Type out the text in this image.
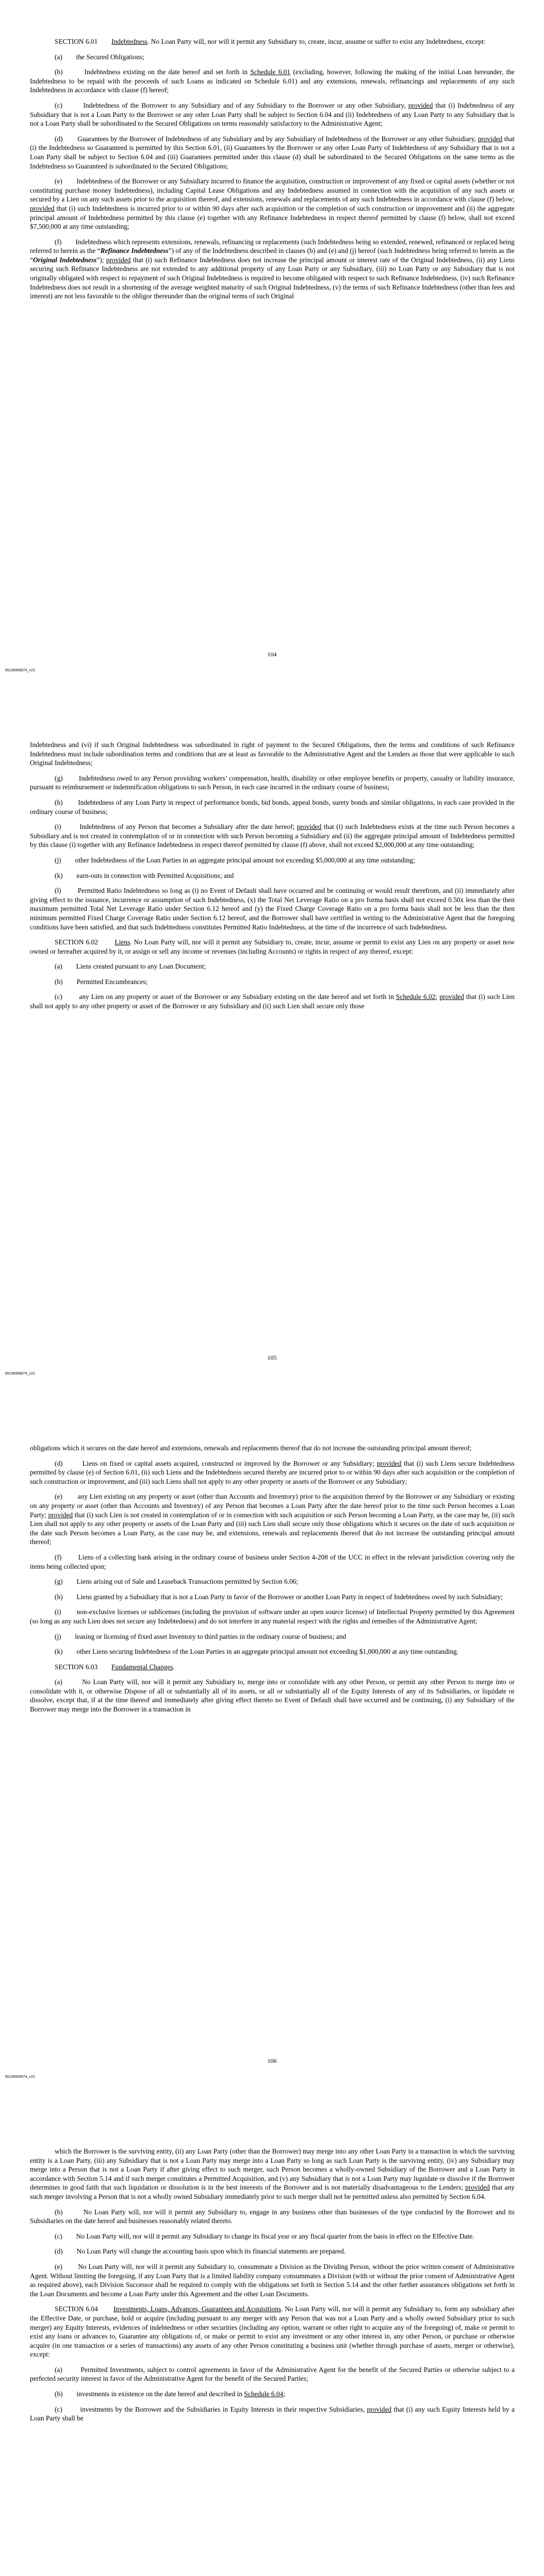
SECTION 6.01        Indebtedness. No Loan Party will, nor will it permit any Subsidiary to, create, incur, assume or suffer to exist any Indebtedness, except:

(a)        the Secured Obligations;

(b)        Indebtedness existing on the date hereof and set forth in Schedule 6.01 (excluding, however, following the making of the initial Loan hereunder, the Indebtedness to be repaid with the proceeds of such Loans as indicated on Schedule 6.01) and any extensions, renewals, refinancings and replacements of any such Indebtedness in accordance with clause (f) hereof;

(c)        Indebtedness of the Borrower to any Subsidiary and of any Subsidiary to the Borrower or any other Subsidiary, provided that (i) Indebtedness of any Subsidiary that is not a Loan Party to the Borrower or any other Loan Party shall be subject to Section 6.04 and (ii) Indebtedness of any Loan Party to any Subsidiary that is not a Loan Party shall be subordinated to the Secured Obligations on terms reasonably satisfactory to the Administrative Agent;

(d)        Guarantees by the Borrower of Indebtedness of any Subsidiary and by any Subsidiary of Indebtedness of the Borrower or any other Subsidiary, provided that (i) the Indebtedness so Guaranteed is permitted by this Section 6.01, (ii) Guarantees by the Borrower or any other Loan Party of Indebtedness of any Subsidiary that is not a Loan Party shall be subject to Section 6.04 and (iii) Guarantees permitted under this clause (d) shall be subordinated to the Secured Obligations on the same terms as the Indebtedness so Guaranteed is subordinated to the Secured Obligations;

(e)        Indebtedness of the Borrower or any Subsidiary incurred to finance the acquisition, construction or improvement of any fixed or capital assets (whether or not constituting purchase money Indebtedness), including Capital Lease Obligations and any Indebtedness assumed in connection with the acquisition of any such assets or secured by a Lien on any such assets prior to the acquisition thereof, and extensions, renewals and replacements of any such Indebtedness in accordance with clause (f) below; provided that (i) such Indebtedness is incurred prior to or within 90 days after such acquisition or the completion of such construction or improvement and (ii) the aggregate principal amount of Indebtedness permitted by this clause (e) together with any Refinance Indebtedness in respect thereof permitted by clause (f) below, shall not exceed $7,500,000 at any time outstanding;

(f)        Indebtedness which represents extensions, renewals, refinancing or replacements (such Indebtedness being so extended, renewed, refinanced or replaced being referred to herein as the “Refinance Indebtedness”) of any of the Indebtedness described in clauses (b) and (e) and (j) hereof (such Indebtedness being referred to herein as the “Original Indebtedness”); provided that (i) such Refinance Indebtedness does not increase the principal amount or interest rate of the Original Indebtedness, (ii) any Liens securing such Refinance Indebtedness are not extended to any additional property of any Loan Party or any Subsidiary, (iii) no Loan Party or any Subsidiary that is not originally obligated with respect to repayment of such Original Indebtedness is required to become obligated with respect to such Refinance Indebtedness, (iv) such Refinance Indebtedness does not result in a shortening of the average weighted maturity of such Original Indebtedness, (v) the terms of such Refinance Indebtedness (other than fees and interest) are not less favorable to the obligor thereunder than the original terms of such Original

104
65136569074_v21

Indebtedness and (vi) if such Original Indebtedness was subordinated in right of payment to the Secured Obligations, then the terms and conditions of such Refinance Indebtedness must include subordination terms and conditions that are at least as favorable to the Administrative Agent and the Lenders as those that were applicable to such Original Indebtedness;

(g)        Indebtedness owed to any Person providing workers’ compensation, health, disability or other employee benefits or property, casualty or liability insurance, pursuant to reimbursement or indemnification obligations to such Person, in each case incurred in the ordinary course of business;

(h)        Indebtedness of any Loan Party in respect of performance bonds, bid bonds, appeal bonds, surety bonds and similar obligations, in each case provided in the ordinary course of business;

(i)        Indebtedness of any Person that becomes a Subsidiary after the date hereof; provided that (i) such Indebtedness exists at the time such Person becomes a Subsidiary and is not created in contemplation of or in connection with such Person becoming a Subsidiary and (ii) the aggregate principal amount of Indebtedness permitted by this clause (i) together with any Refinance Indebtedness in respect thereof permitted by clause (f) above, shall not exceed $2,000,000 at any time outstanding;

(j)        other Indebtedness of the Loan Parties in an aggregate principal amount not exceeding $5,000,000 at any time outstanding;

(k)        earn-outs in connection with Permitted Acquisitions; and

(l)        Permitted Ratio Indebtedness so long as (i) no Event of Default shall have occurred and be continuing or would result therefrom, and (ii) immediately after giving effect to the issuance, incurrence or assumption of such Indebtedness, (x) the Total Net Leverage Ratio on a pro forma basis shall not exceed 0.50x less than the then maximum permitted Total Net Leverage Ratio under Section 6.12 hereof and (y) the Fixed Charge Coverage Ratio on a pro forma basis shall not be less than the then minimum permitted Fixed Charge Coverage Ratio under Section 6.12 hereof, and the Borrower shall have certified in writing to the Administrative Agent that the foregoing conditions have been satisfied, and that such Indebtedness constitutes Permitted Ratio Indebtedness, at the time of the incurrence of such Indebtedness.

SECTION 6.02        Liens. No Loan Party will, nor will it permit any Subsidiary to, create, incur, assume or permit to exist any Lien on any property or asset now owned or hereafter acquired by it, or assign or sell any income or revenues (including Accounts) or rights in respect of any thereof, except:

(a)        Liens created pursuant to any Loan Document;

(b)        Permitted Encumbrances;

(c)        any Lien on any property or asset of the Borrower or any Subsidiary existing on the date hereof and set forth in Schedule 6.02; provided that (i) such Lien shall not apply to any other property or asset of the Borrower or any Subsidiary and (ii) such Lien shall secure only those

105
65136569074_v21

obligations which it secures on the date hereof and extensions, renewals and replacements thereof that do not increase the outstanding principal amount thereof;

(d)        Liens on fixed or capital assets acquired, constructed or improved by the Borrower or any Subsidiary; provided that (i) such Liens secure Indebtedness permitted by clause (e) of Section 6.01, (ii) such Liens and the Indebtedness secured thereby are incurred prior to or within 90 days after such acquisition or the completion of such construction or improvement, and (iii) such Liens shall not apply to any other property or assets of the Borrower or any Subsidiary;

(e)        any Lien existing on any property or asset (other than Accounts and Inventory) prior to the acquisition thereof by the Borrower or any Subsidiary or existing on any property or asset (other than Accounts and Inventory) of any Person that becomes a Loan Party after the date hereof prior to the time such Person becomes a Loan Party; provided that (i) such Lien is not created in contemplation of or in connection with such acquisition or such Person becoming a Loan Party, as the case may be, (ii) such Lien shall not apply to any other property or assets of the Loan Party and (iii) such Lien shall secure only those obligations which it secures on the date of such acquisition or the date such Person becomes a Loan Party, as the case may be, and extensions, renewals and replacements thereof that do not increase the outstanding principal amount thereof;

(f)        Liens of a collecting bank arising in the ordinary course of business under Section 4-208 of the UCC in effect in the relevant jurisdiction covering only the items being collected upon;

(g)        Liens arising out of Sale and Leaseback Transactions permitted by Section 6.06;

(h)        Liens granted by a Subsidiary that is not a Loan Party in favor of the Borrower or another Loan Party in respect of Indebtedness owed by such Subsidiary;

(i)        non-exclusive licenses or sublicenses (including the provision of software under an open source license) of Intellectual Property permitted by this Agreement (so long as any such Lien does not secure any Indebtedness) and do not interfere in any material respect with the rights and remedies of the Administrative Agent;

(j)        leasing or licensing of fixed asset Inventory to third parties in the ordinary course of business; and

(k)        other Liens securing Indebtedness of the Loan Parties in an aggregate principal amount not exceeding $1,000,000 at any time outstanding.

SECTION 6.03        Fundamental Changes.

(a)        No Loan Party will, nor will it permit any Subsidiary to, merge into or consolidate with any other Person, or permit any other Person to merge into or consolidate with it, or otherwise Dispose of all or substantially all of its assets, or all or substantially all of the Equity Interests of any of its Subsidiaries, or liquidate or dissolve, except that, if at the time thereof and immediately after giving effect thereto no Event of Default shall have occurred and be continuing, (i) any Subsidiary of the Borrower may merge into the Borrower in a transaction in

106
65136569074_v21

which the Borrower is the surviving entity, (ii) any Loan Party (other than the Borrower) may merge into any other Loan Party in a transaction in which the surviving entity is a Loan Party, (iii) any Subsidiary that is not a Loan Party may merge into a Loan Party so long as such Loan Party is the surviving entity, (iv) any Subsidiary may merge into a Person that is not a Loan Party if after giving effect to such merger, such Person becomes a wholly-owned Subsidiary of the Borrower and a Loan Party in accordance with Section 5.14 and if such merger constitutes a Permitted Acquisition, and (v) any Subsidiary that is not a Loan Party may liquidate or dissolve if the Borrower determines in good faith that such liquidation or dissolution is in the best interests of the Borrower and is not materially disadvantageous to the Lenders; provided that any such merger involving a Person that is not a wholly owned Subsidiary immediately prior to such merger shall not be permitted unless also permitted by Section 6.04.

(b)        No Loan Party will, nor will it permit any Subsidiary to, engage in any business other than businesses of the type conducted by the Borrower and its Subsidiaries on the date hereof and businesses reasonably related thereto.

(c)        No Loan Party will, nor will it permit any Subsidiary to change its fiscal year or any fiscal quarter from the basis in effect on the Effective Date.

(d)        No Loan Party will change the accounting basis upon which its financial statements are prepared.

(e)        No Loan Party will, nor will it permit any Subsidiary to, consummate a Division as the Dividing Person, without the prior written consent of Administrative Agent. Without limiting the foregoing, if any Loan Party that is a limited liability company consummates a Division (with or without the prior consent of Administrative Agent as required above), each Division Successor shall be required to comply with the obligations set forth in Section 5.14 and the other further assurances obligations set forth in the Loan Documents and become a Loan Party under this Agreement and the other Loan Documents.

SECTION 6.04        Investments, Loans, Advances, Guarantees and Acquisitions. No Loan Party will, nor will it permit any Subsidiary to, form any subsidiary after the Effective Date, or purchase, hold or acquire (including pursuant to any merger with any Person that was not a Loan Party and a wholly owned Subsidiary prior to such merger) any Equity Interests, evidences of indebtedness or other securities (including any option, warrant or other right to acquire any of the foregoing) of, make or permit to exist any loans or advances to, Guarantee any obligations of, or make or permit to exist any investment or any other interest in, any other Person, or purchase or otherwise acquire (in one transaction or a series of transactions) any assets of any other Person constituting a business unit (whether through purchase of assets, merger or otherwise), except:

(a)        Permitted Investments, subject to control agreements in favor of the Administrative Agent for the benefit of the Secured Parties or otherwise subject to a perfected security interest in favor of the Administrative Agent for the benefit of the Secured Parties;

(b)        investments in existence on the date hereof and described in Schedule 6.04;

(c)        investments by the Borrower and the Subsidiaries in Equity Interests in their respective Subsidiaries, provided that (i) any such Equity Interests held by a Loan Party shall be
